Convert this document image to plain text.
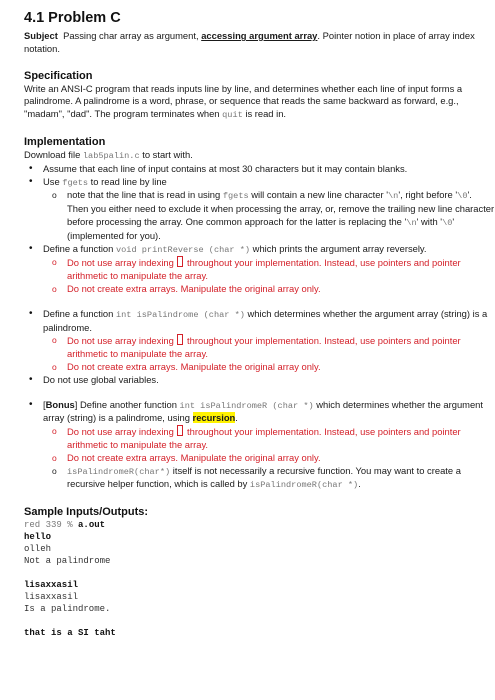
4.1 Problem C

Subject Passing char array as argument, accessing argument array. Pointer notion in place of array index notation.

Specification

Write an ANSI-C program that reads inputs line by line, and determines whether each line of input forms a palindrome. A palindrome is a word, phrase, or sequence that reads the same backward as forward, e.g., "madam", "dad". The program terminates when quit is read in.

Implementation

Download file lab5palin.c to start with.

• Assume that each line of input contains at most 30 characters but it may contain blanks.
• Use fgets to read line by line
o note that the line that is read in using fgets will contain a new line character '\n', right before '\0'. Then you either need to exclude it when processing the array, or, remove the trailing new line character before processing the array. One common approach for the latter is replacing the '\n' with '\0' (implemented for you).
• Define a function void printReverse (char *) which prints the argument array reversely.
o Do not use array indexing  throughout your implementation. Instead, use pointers and pointer arithmetic to manipulate the array.
o Do not create extra arrays. Manipulate the original array only.
• Define a function int isPalindrome (char *) which determines whether the argument array (string) is a palindrome.
o Do not use array indexing  throughout your implementation. Instead, use pointers and pointer arithmetic to manipulate the array.
o Do not create extra arrays. Manipulate the original array only.
• Do not use global variables.
• [Bonus] Define another function int isPalindromeR (char *) which determines whether the argument array (string) is a palindrome, using recursion.
o Do not use array indexing  throughout your implementation. Instead, use pointers and pointer arithmetic to manipulate the array.
o Do not create extra arrays. Manipulate the original array only.
o isPalindromeR(char*) itself is not necessarily a recursive function. You may want to create a recursive helper function, which is called by isPalindromeR(char *).
Sample Inputs/Outputs:
red 339 % a.out
hello
olleh
Not a palindrome

lisaxxasil
lisaxxasil
Is a palindrome.

that is a SI taht
